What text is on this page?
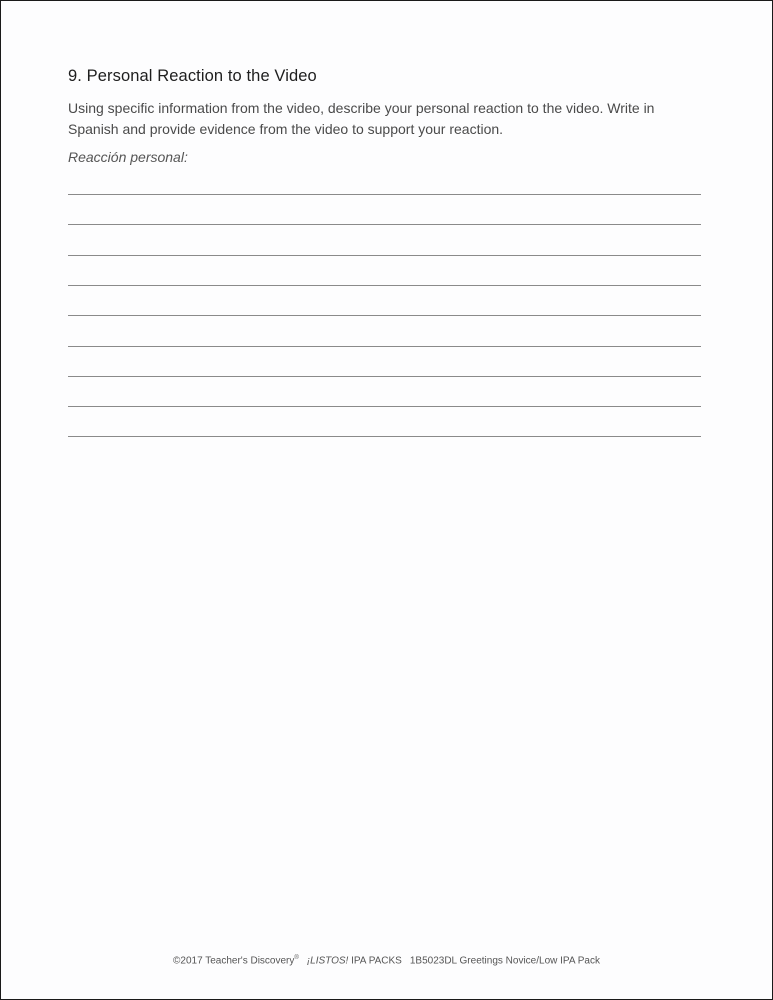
9. Personal Reaction to the Video

Using specific information from the video, describe your personal reaction to the video. Write in Spanish and provide evidence from the video to support your reaction.

Reacción personal:

©2017 Teacher's Discovery® ¡LISTOS! IPA PACKS 1B5023DL Greetings Novice/Low IPA Pack
